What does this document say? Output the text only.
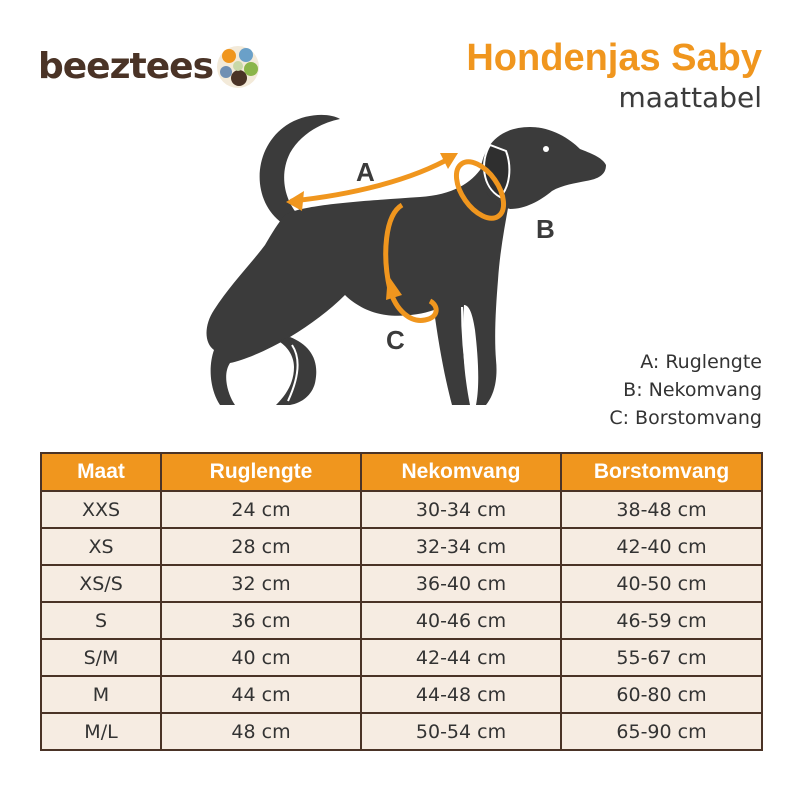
beeztees	Hondenjas Saby
maattabel
A
B
C
A: Ruglengte
B: Nekomvang
C: Borstomvang
Maat	Ruglengte	Nekomvang	Borstomvang
XXS	24 cm	30-34 cm	38-48 cm
XS	28 cm	32-34 cm	42-40 cm
XS/S	32 cm	36-40 cm	40-50 cm
S	36 cm	40-46 cm	46-59 cm
S/M	40 cm	42-44 cm	55-67 cm
M	44 cm	44-48 cm	60-80 cm
M/L	48 cm	50-54 cm	65-90 cm
